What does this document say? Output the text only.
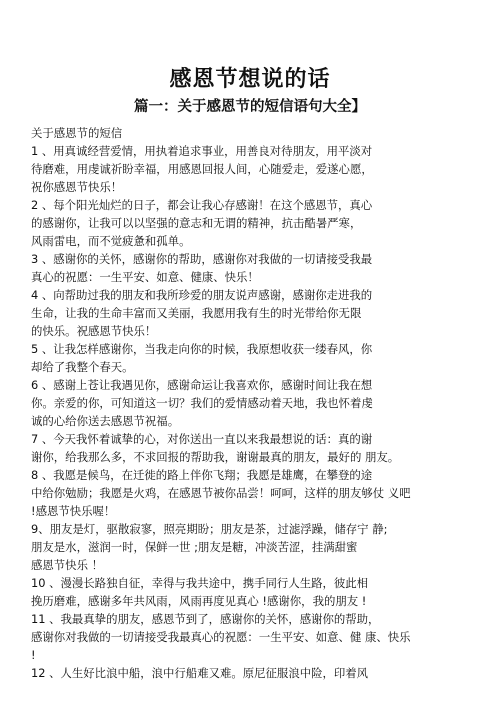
感恩节想说的话
篇一：关于感恩节的短信语句大全】
关于感恩节的短信
1 、用真诚经营爱情，用执着追求事业，用善良对待朋友，用平淡对
待磨难，用虔诚祈盼幸福，用感恩回报人间，心随爱走，爱遂心愿，
祝你感恩节快乐！
2 、每个阳光灿烂的日子，都会让我心存感谢！在这个感恩节，真心
的感谢你，让我可以以坚强的意志和无谓的精神，抗击酷暑严寒，
风雨雷电，而不觉疲惫和孤单。
3 、感谢你的关怀，感谢你的帮助，感谢你对我做的一切请接受我最
真心的祝愿：一生平安、如意、健康、快乐！
4 、向帮助过我的朋友和我所珍爱的朋友说声感谢，感谢你走进我的
生命，让我的生命丰富而又美丽，我愿用我有生的时光带给你无限
的快乐。祝感恩节快乐！
5 、让我怎样感谢你，当我走向你的时候，我原想收获一缕春风，你
却给了我整个春天。
6 、感谢上苍让我遇见你，感谢命运让我喜欢你，感谢时间让我在想
你。亲爱的你，可知道这一切？我们的爱情感动着天地，我也怀着虔
诚的心给你送去感恩节祝福。
7 、今天我怀着诚挚的心，对你送出一直以来我最想说的话：真的谢
谢你，给我那么多，不求回报的帮助我，谢谢最真的朋友，最好的 朋友。
8 、我愿是候鸟，在迁徙的路上伴你飞翔；我愿是雄鹰，在攀登的途
中给你勉励；我愿是火鸡，在感恩节被你品尝！呵呵，这样的朋友够仗 义吧
!感恩节快乐喔！
9、朋友是灯，驱散寂寥，照亮期盼；朋友是茶，过滤浮躁，储存宁 静;
朋友是水，滋润一时，保鲜一世 ;朋友是糖，冲淡苦涩，挂满甜蜜
感恩节快乐 ！
10 、漫漫长路独自征，幸得与我共途中，携手同行人生路，彼此相
挽历磨难，感谢多年共风雨，风雨再度见真心 !感谢你，我的朋友 !
11 、我最真挚的朋友，感恩节到了，感谢你的关怀，感谢你的帮助，
感谢你对我做的一切请接受我最真心的祝愿：一生平安、如意、健 康、快乐
!
12 、人生好比浪中船，浪中行船难又难。原尼征服浪中险，印着风
